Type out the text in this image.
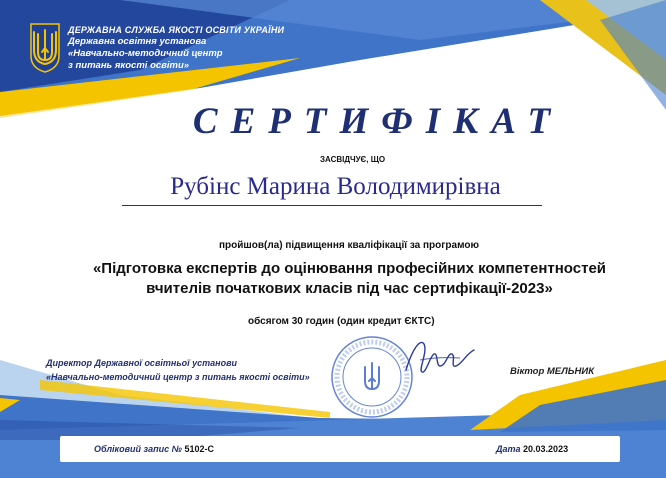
ДЕРЖАВНА СЛУЖБА ЯКОСТІ ОСВІТИ УКРАЇНИ
Державна освітня установа
«Навчально-методичний центр
з питань якості освіти»
СЕРТИФІКАТ
ЗАСВІДЧУЄ, ЩО
Рубінс Марина Володимирівна
пройшов(ла) підвищення кваліфікації за програмою
«Підготовка експертів до оцінювання професійних компетентностей
вчителів початкових класів під час сертифікації-2023»
обсягом 30 годин (один кредит ЄКТС)
Директор Державної освітньої установи
«Навчально-методичний центр з питань якості освіти»	Віктор МЕЛЬНИК
Обліковий запис № 5102-С	Дата 20.03.2023
